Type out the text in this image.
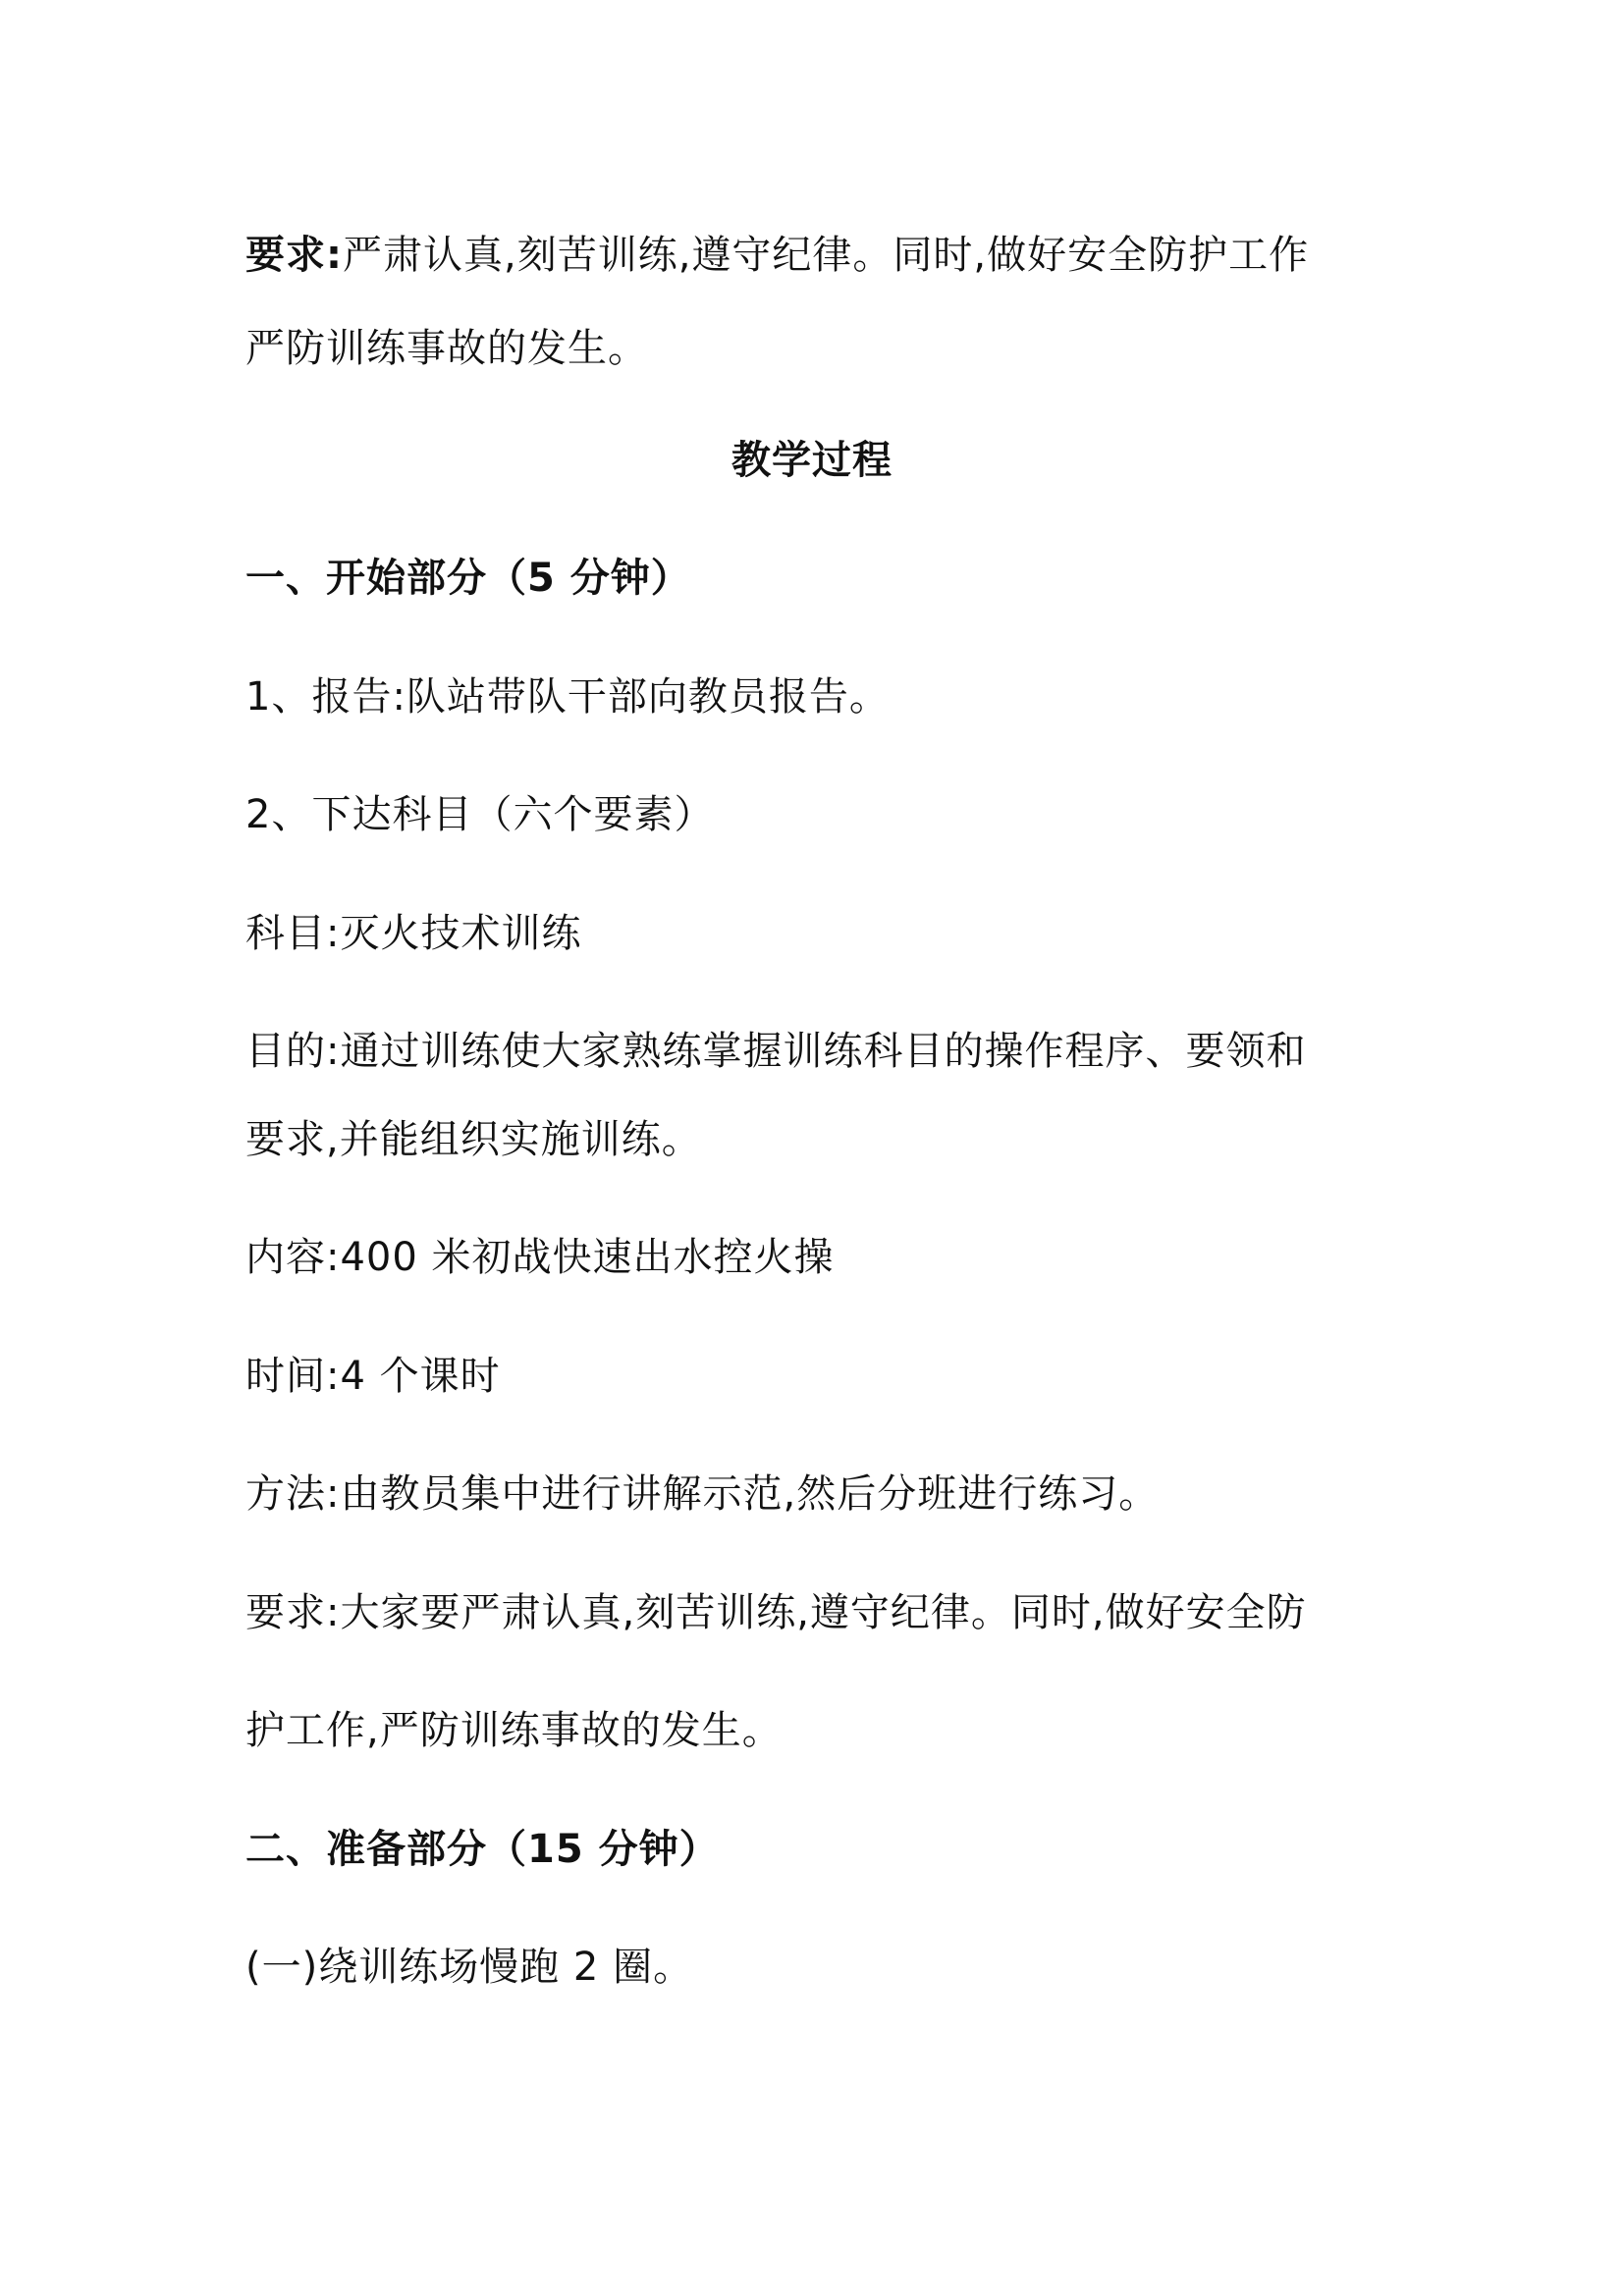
要求:严肃认真,刻苦训练,遵守纪律。同时,做好安全防护工作
严防训练事故的发生。
教学过程
一、开始部分（5 分钟）
1、报告:队站带队干部向教员报告。
2、下达科目（六个要素）
科目:灭火技术训练
目的:通过训练使大家熟练掌握训练科目的操作程序、要领和
要求,并能组织实施训练。
内容:400 米初战快速出水控火操
时间:4 个课时
方法:由教员集中进行讲解示范,然后分班进行练习。
要求:大家要严肃认真,刻苦训练,遵守纪律。同时,做好安全防
护工作,严防训练事故的发生。
二、准备部分（15 分钟）
(一)绕训练场慢跑 2 圈。
